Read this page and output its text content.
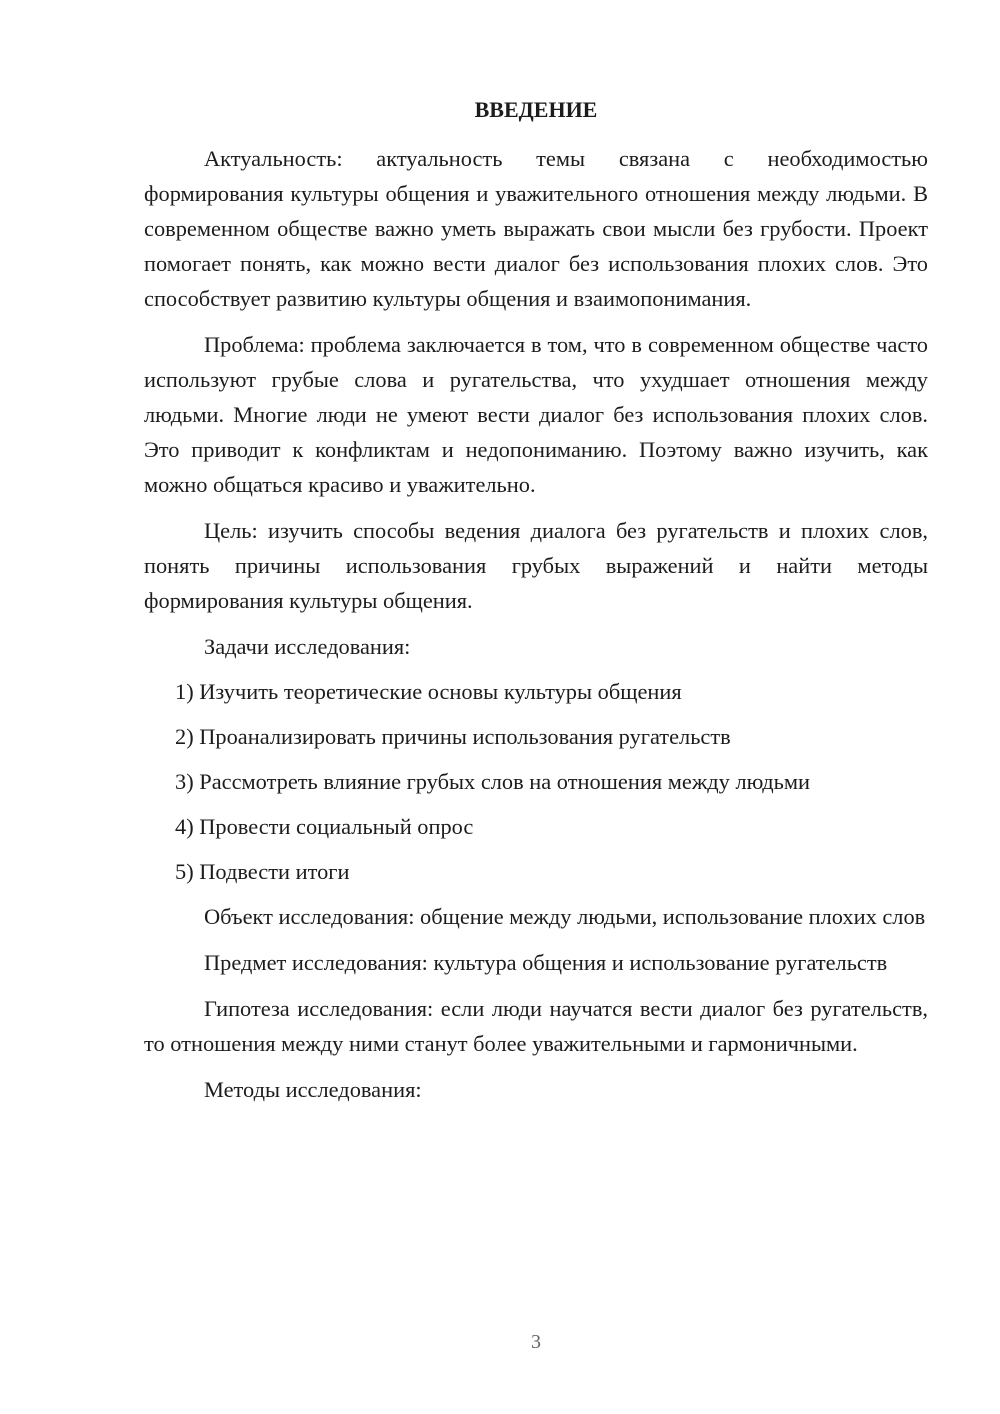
ВВЕДЕНИЕ

Актуальность: актуальность темы связана с необходимостью формирования культуры общения и уважительного отношения между людьми. В современном обществе важно уметь выражать свои мысли без грубости. Проект помогает понять, как можно вести диалог без использования плохих слов. Это способствует развитию культуры общения и взаимопонимания.

Проблема: проблема заключается в том, что в современном обществе часто используют грубые слова и ругательства, что ухудшает отношения между людьми. Многие люди не умеют вести диалог без использования плохих слов. Это приводит к конфликтам и недопониманию. Поэтому важно изучить, как можно общаться красиво и уважительно.

Цель: изучить способы ведения диалога без ругательств и плохих слов, понять причины использования грубых выражений и найти методы формирования культуры общения.

Задачи исследования:

1) Изучить теоретические основы культуры общения
2) Проанализировать причины использования ругательств
3) Рассмотреть влияние грубых слов на отношения между людьми
4) Провести социальный опрос
5) Подвести итоги

Объект исследования: общение между людьми, использование плохих слов

Предмет исследования: культура общения и использование ругательств

Гипотеза исследования: если люди научатся вести диалог без ругательств, то отношения между ними станут более уважительными и гармоничными.

Методы исследования:

3
